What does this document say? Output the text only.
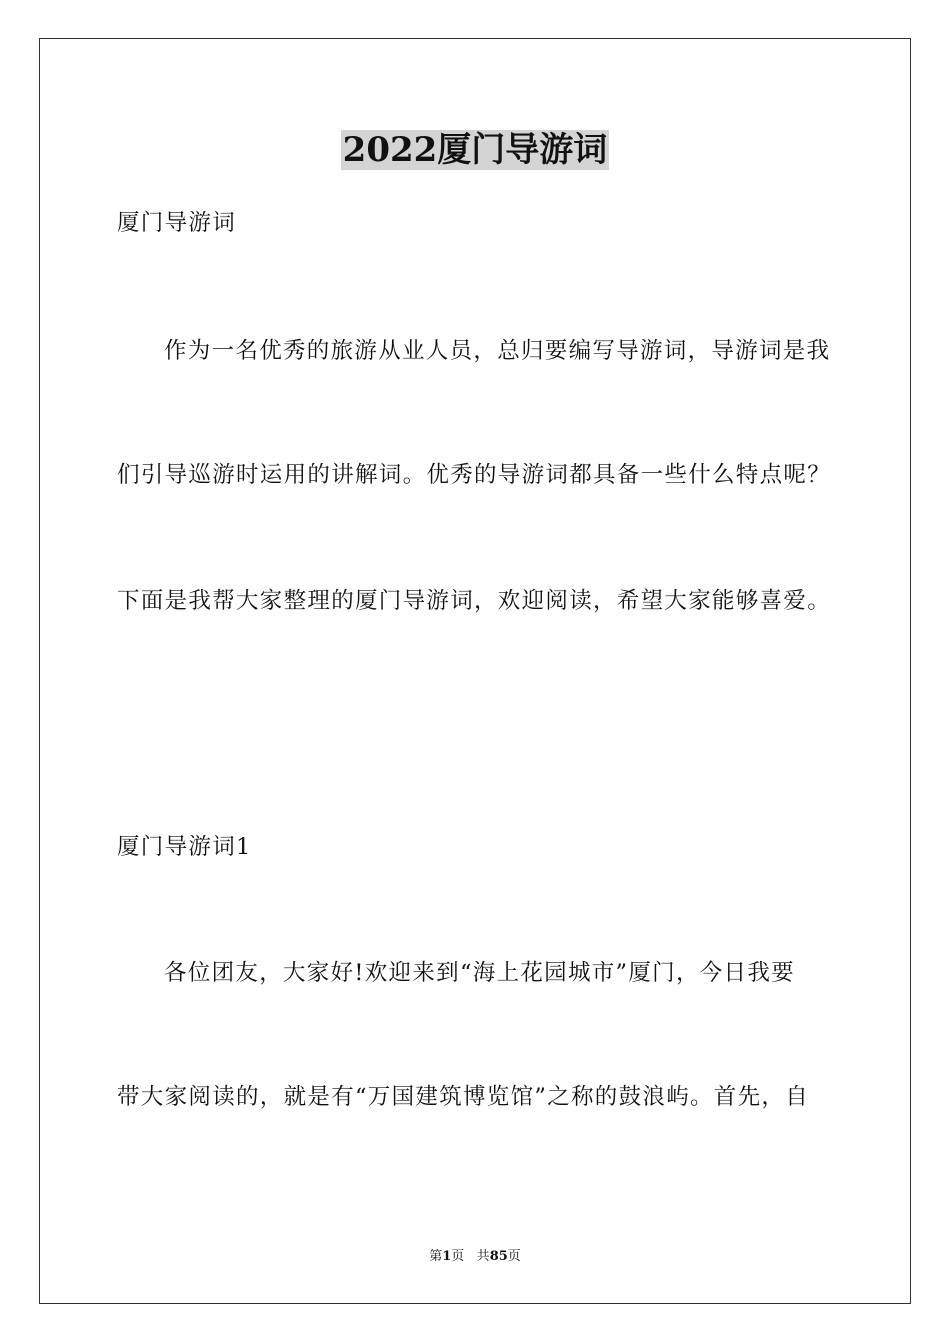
2022厦门导游词
厦门导游词
作为一名优秀的旅游从业人员，总归要编写导游词，导游词是我
们引导巡游时运用的讲解词。优秀的导游词都具备一些什么特点呢？
下面是我帮大家整理的厦门导游词，欢迎阅读，希望大家能够喜爱。
厦门导游词1
各位团友，大家好!欢迎来到“海上花园城市”厦门，今日我要
带大家阅读的，就是有“万国建筑博览馆”之称的鼓浪屿。首先，自
第1页 共85页
